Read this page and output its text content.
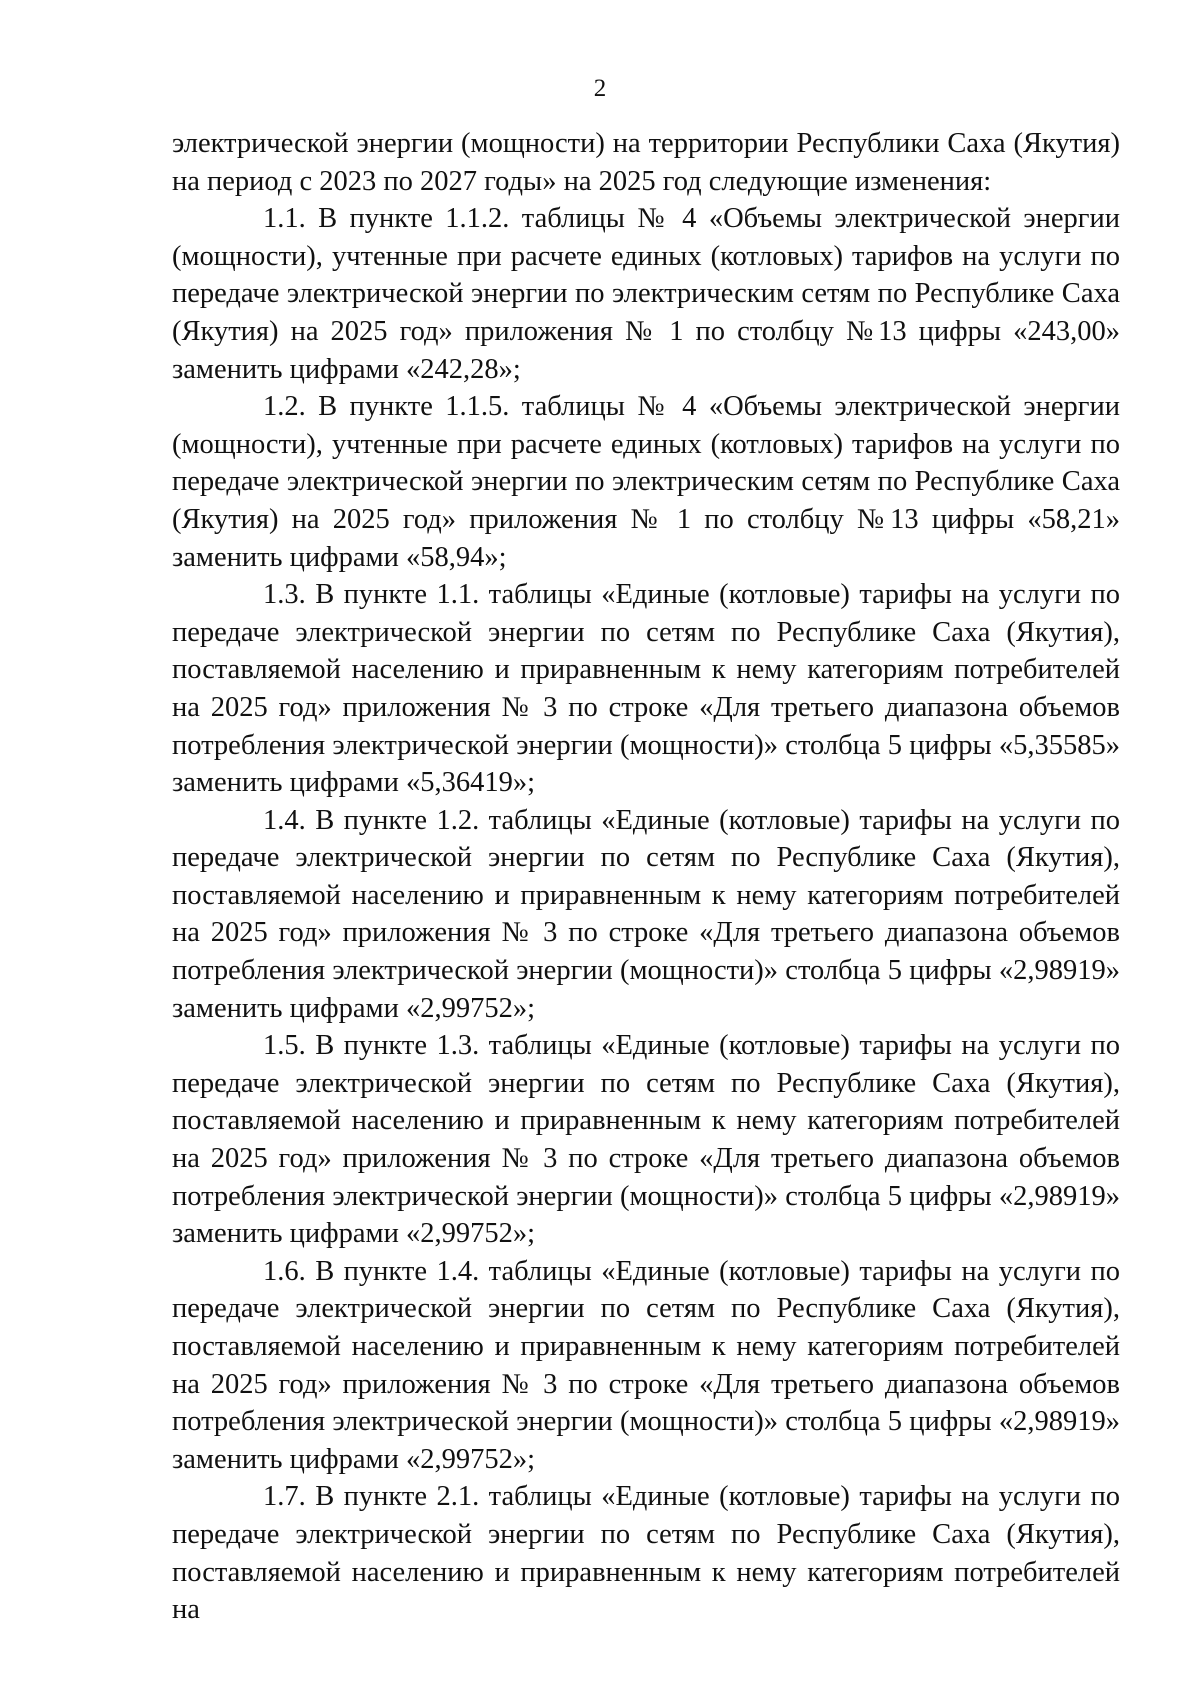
2

электрической энергии (мощности) на территории Республики Саха (Якутия) на период с 2023 по 2027 годы» на 2025 год следующие изменения:

1.1. В пункте 1.1.2. таблицы № 4 «Объемы электрической энергии (мощности), учтенные при расчете единых (котловых) тарифов на услуги по передаче электрической энергии по электрическим сетям по Республике Саха (Якутия) на 2025 год» приложения № 1 по столбцу №13 цифры «243,00» заменить цифрами «242,28»;

1.2. В пункте 1.1.5. таблицы № 4 «Объемы электрической энергии (мощности), учтенные при расчете единых (котловых) тарифов на услуги по передаче электрической энергии по электрическим сетям по Республике Саха (Якутия) на 2025 год» приложения № 1 по столбцу №13 цифры «58,21» заменить цифрами «58,94»;

1.3. В пункте 1.1. таблицы «Единые (котловые) тарифы на услуги по передаче электрической энергии по сетям по Республике Саха (Якутия), поставляемой населению и приравненным к нему категориям потребителей на 2025 год» приложения № 3 по строке «Для третьего диапазона объемов потребления электрической энергии (мощности)» столбца 5 цифры «5,35585» заменить цифрами «5,36419»;

1.4. В пункте 1.2. таблицы «Единые (котловые) тарифы на услуги по передаче электрической энергии по сетям по Республике Саха (Якутия), поставляемой населению и приравненным к нему категориям потребителей на 2025 год» приложения № 3 по строке «Для третьего диапазона объемов потребления электрической энергии (мощности)» столбца 5 цифры «2,98919» заменить цифрами «2,99752»;

1.5. В пункте 1.3. таблицы «Единые (котловые) тарифы на услуги по передаче электрической энергии по сетям по Республике Саха (Якутия), поставляемой населению и приравненным к нему категориям потребителей на 2025 год» приложения № 3 по строке «Для третьего диапазона объемов потребления электрической энергии (мощности)» столбца 5 цифры «2,98919» заменить цифрами «2,99752»;

1.6. В пункте 1.4. таблицы «Единые (котловые) тарифы на услуги по передаче электрической энергии по сетям по Республике Саха (Якутия), поставляемой населению и приравненным к нему категориям потребителей на 2025 год» приложения № 3 по строке «Для третьего диапазона объемов потребления электрической энергии (мощности)» столбца 5 цифры «2,98919» заменить цифрами «2,99752»;

1.7. В пункте 2.1. таблицы «Единые (котловые) тарифы на услуги по передаче электрической энергии по сетям по Республике Саха (Якутия), поставляемой населению и приравненным к нему категориям потребителей на
